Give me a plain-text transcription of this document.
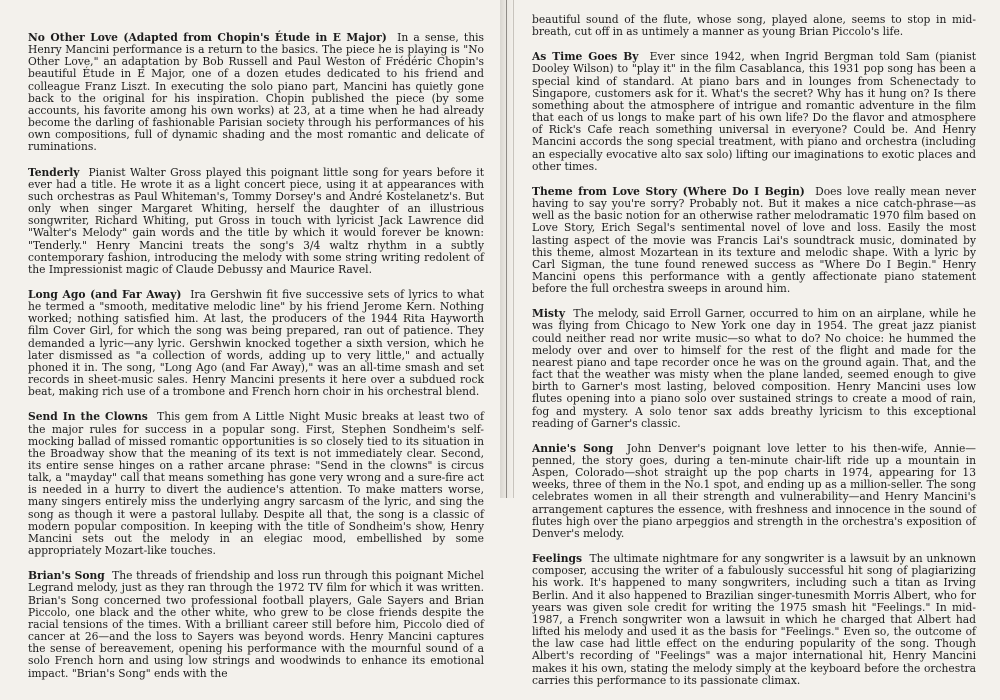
No Other Love (Adapted from Chopin's Étude in E Major) In a sense, this Henry Mancini performance is a return to the basics. The piece he is playing is "No Other Love," an adaptation by Bob Russell and Paul Weston of Frédéric Chopin's beautiful Étude in E Major, one of a dozen etudes dedicated to his friend and colleague Franz Liszt. In executing the solo piano part, Mancini has quietly gone back to the original for his inspiration. Chopin published the piece (by some accounts, his favorite among his own works) at 23, at a time when he had already become the darling of fashionable Parisian society through his performances of his own compositions, full of dynamic shading and the most romantic and delicate of ruminations.

Tenderly Pianist Walter Gross played this poignant little song for years before it ever had a title. He wrote it as a light concert piece, using it at appearances with such orchestras as Paul Whiteman's, Tommy Dorsey's and André Kostelanetz's. But only when singer Margaret Whiting, herself the daughter of an illustrious songwriter, Richard Whiting, put Gross in touch with lyricist Jack Lawrence did "Walter's Melody" gain words and the title by which it would forever be known: "Tenderly." Henry Mancini treats the song's 3/4 waltz rhythm in a subtly contemporary fashion, introducing the melody with some string writing redolent of the Impressionist magic of Claude Debussy and Maurice Ravel.

Long Ago (and Far Away) Ira Gershwin fit five successive sets of lyrics to what he termed a "smooth, meditative melodic line" by his friend Jerome Kern. Nothing worked; nothing satisfied him. At last, the producers of the 1944 Rita Hayworth film Cover Girl, for which the song was being prepared, ran out of patience. They demanded a lyric—any lyric. Gershwin knocked together a sixth version, which he later dismissed as "a collection of words, adding up to very little," and actually phoned it in. The song, "Long Ago (and Far Away)," was an all-time smash and set records in sheet-music sales. Henry Mancini presents it here over a subdued rock beat, making rich use of a trombone and French horn choir in his orchestral blend.

Send In the Clowns This gem from A Little Night Music breaks at least two of the major rules for success in a popular song. First, Stephen Sondheim's self-mocking ballad of missed romantic opportunities is so closely tied to its situation in the Broadway show that the meaning of its text is not immediately clear. Second, its entire sense hinges on a rather arcane phrase: "Send in the clowns" is circus talk, a "mayday" call that means something has gone very wrong and a sure-fire act is needed in a hurry to divert the audience's attention. To make matters worse, many singers entirely miss the underlying angry sarcasm of the lyric, and sing the song as though it were a pastoral lullaby. Despite all that, the song is a classic of modern popular composition. In keeping with the title of Sondheim's show, Henry Mancini sets out the melody in an elegiac mood, embellished by some appropriately Mozart-like touches.

Brian's Song The threads of friendship and loss run through this poignant Michel Legrand melody, just as they ran through the 1972 TV film for which it was written. Brian's Song concerned two professional football players, Gale Sayers and Brian Piccolo, one black and the other white, who grew to be close friends despite the racial tensions of the times. With a brilliant career still before him, Piccolo died of cancer at 26—and the loss to Sayers was beyond words. Henry Mancini captures the sense of bereavement, opening his performance with the mournful sound of a solo French horn and using low strings and woodwinds to enhance its emotional impact. "Brian's Song" ends with the

beautiful sound of the flute, whose song, played alone, seems to stop in mid-breath, cut off in as untimely a manner as young Brian Piccolo's life.

As Time Goes By Ever since 1942, when Ingrid Bergman told Sam (pianist Dooley Wilson) to "play it" in the film Casablanca, this 1931 pop song has been a special kind of standard. At piano bars and in lounges from Schenectady to Singapore, customers ask for it. What's the secret? Why has it hung on? Is there something about the atmosphere of intrigue and romantic adventure in the film that each of us longs to make part of his own life? Do the flavor and atmosphere of Rick's Cafe reach something universal in everyone? Could be. And Henry Mancini accords the song special treatment, with piano and orchestra (including an especially evocative alto sax solo) lifting our imaginations to exotic places and other times.

Theme from Love Story (Where Do I Begin) Does love really mean never having to say you're sorry? Probably not. But it makes a nice catch-phrase—as well as the basic notion for an otherwise rather melodramatic 1970 film based on Love Story, Erich Segal's sentimental novel of love and loss. Easily the most lasting aspect of the movie was Francis Lai's soundtrack music, dominated by this theme, almost Mozartean in its texture and melodic shape. With a lyric by Carl Sigman, the tune found renewed success as "Where Do I Begin." Henry Mancini opens this performance with a gently affectionate piano statement before the full orchestra sweeps in around him.

Misty The melody, said Erroll Garner, occurred to him on an airplane, while he was flying from Chicago to New York one day in 1954. The great jazz pianist could neither read nor write music—so what to do? No choice: he hummed the melody over and over to himself for the rest of the flight and made for the nearest piano and tape recorder once he was on the ground again. That, and the fact that the weather was misty when the plane landed, seemed enough to give birth to Garner's most lasting, beloved composition. Henry Mancini uses low flutes opening into a piano solo over sustained strings to create a mood of rain, fog and mystery. A solo tenor sax adds breathy lyricism to this exceptional reading of Garner's classic.

Annie's Song John Denver's poignant love letter to his then-wife, Annie—penned, the story goes, during a ten-minute chair-lift ride up a mountain in Aspen, Colorado—shot straight up the pop charts in 1974, appearing for 13 weeks, three of them in the No.1 spot, and ending up as a million-seller. The song celebrates women in all their strength and vulnerability—and Henry Mancini's arrangement captures the essence, with freshness and innocence in the sound of flutes high over the piano arpeggios and strength in the orchestra's exposition of Denver's melody.

Feelings The ultimate nightmare for any songwriter is a lawsuit by an unknown composer, accusing the writer of a fabulously successful hit song of plagiarizing his work. It's happened to many songwriters, including such a titan as Irving Berlin. And it also happened to Brazilian singer-tunesmith Morris Albert, who for years was given sole credit for writing the 1975 smash hit "Feelings." In mid-1987, a French songwriter won a lawsuit in which he charged that Albert had lifted his melody and used it as the basis for "Feelings." Even so, the outcome of the law case had little effect on the enduring popularity of the song. Though Albert's recording of "Feelings" was a major international hit, Henry Mancini makes it his own, stating the melody simply at the keyboard before the orchestra carries this performance to its passionate climax.
